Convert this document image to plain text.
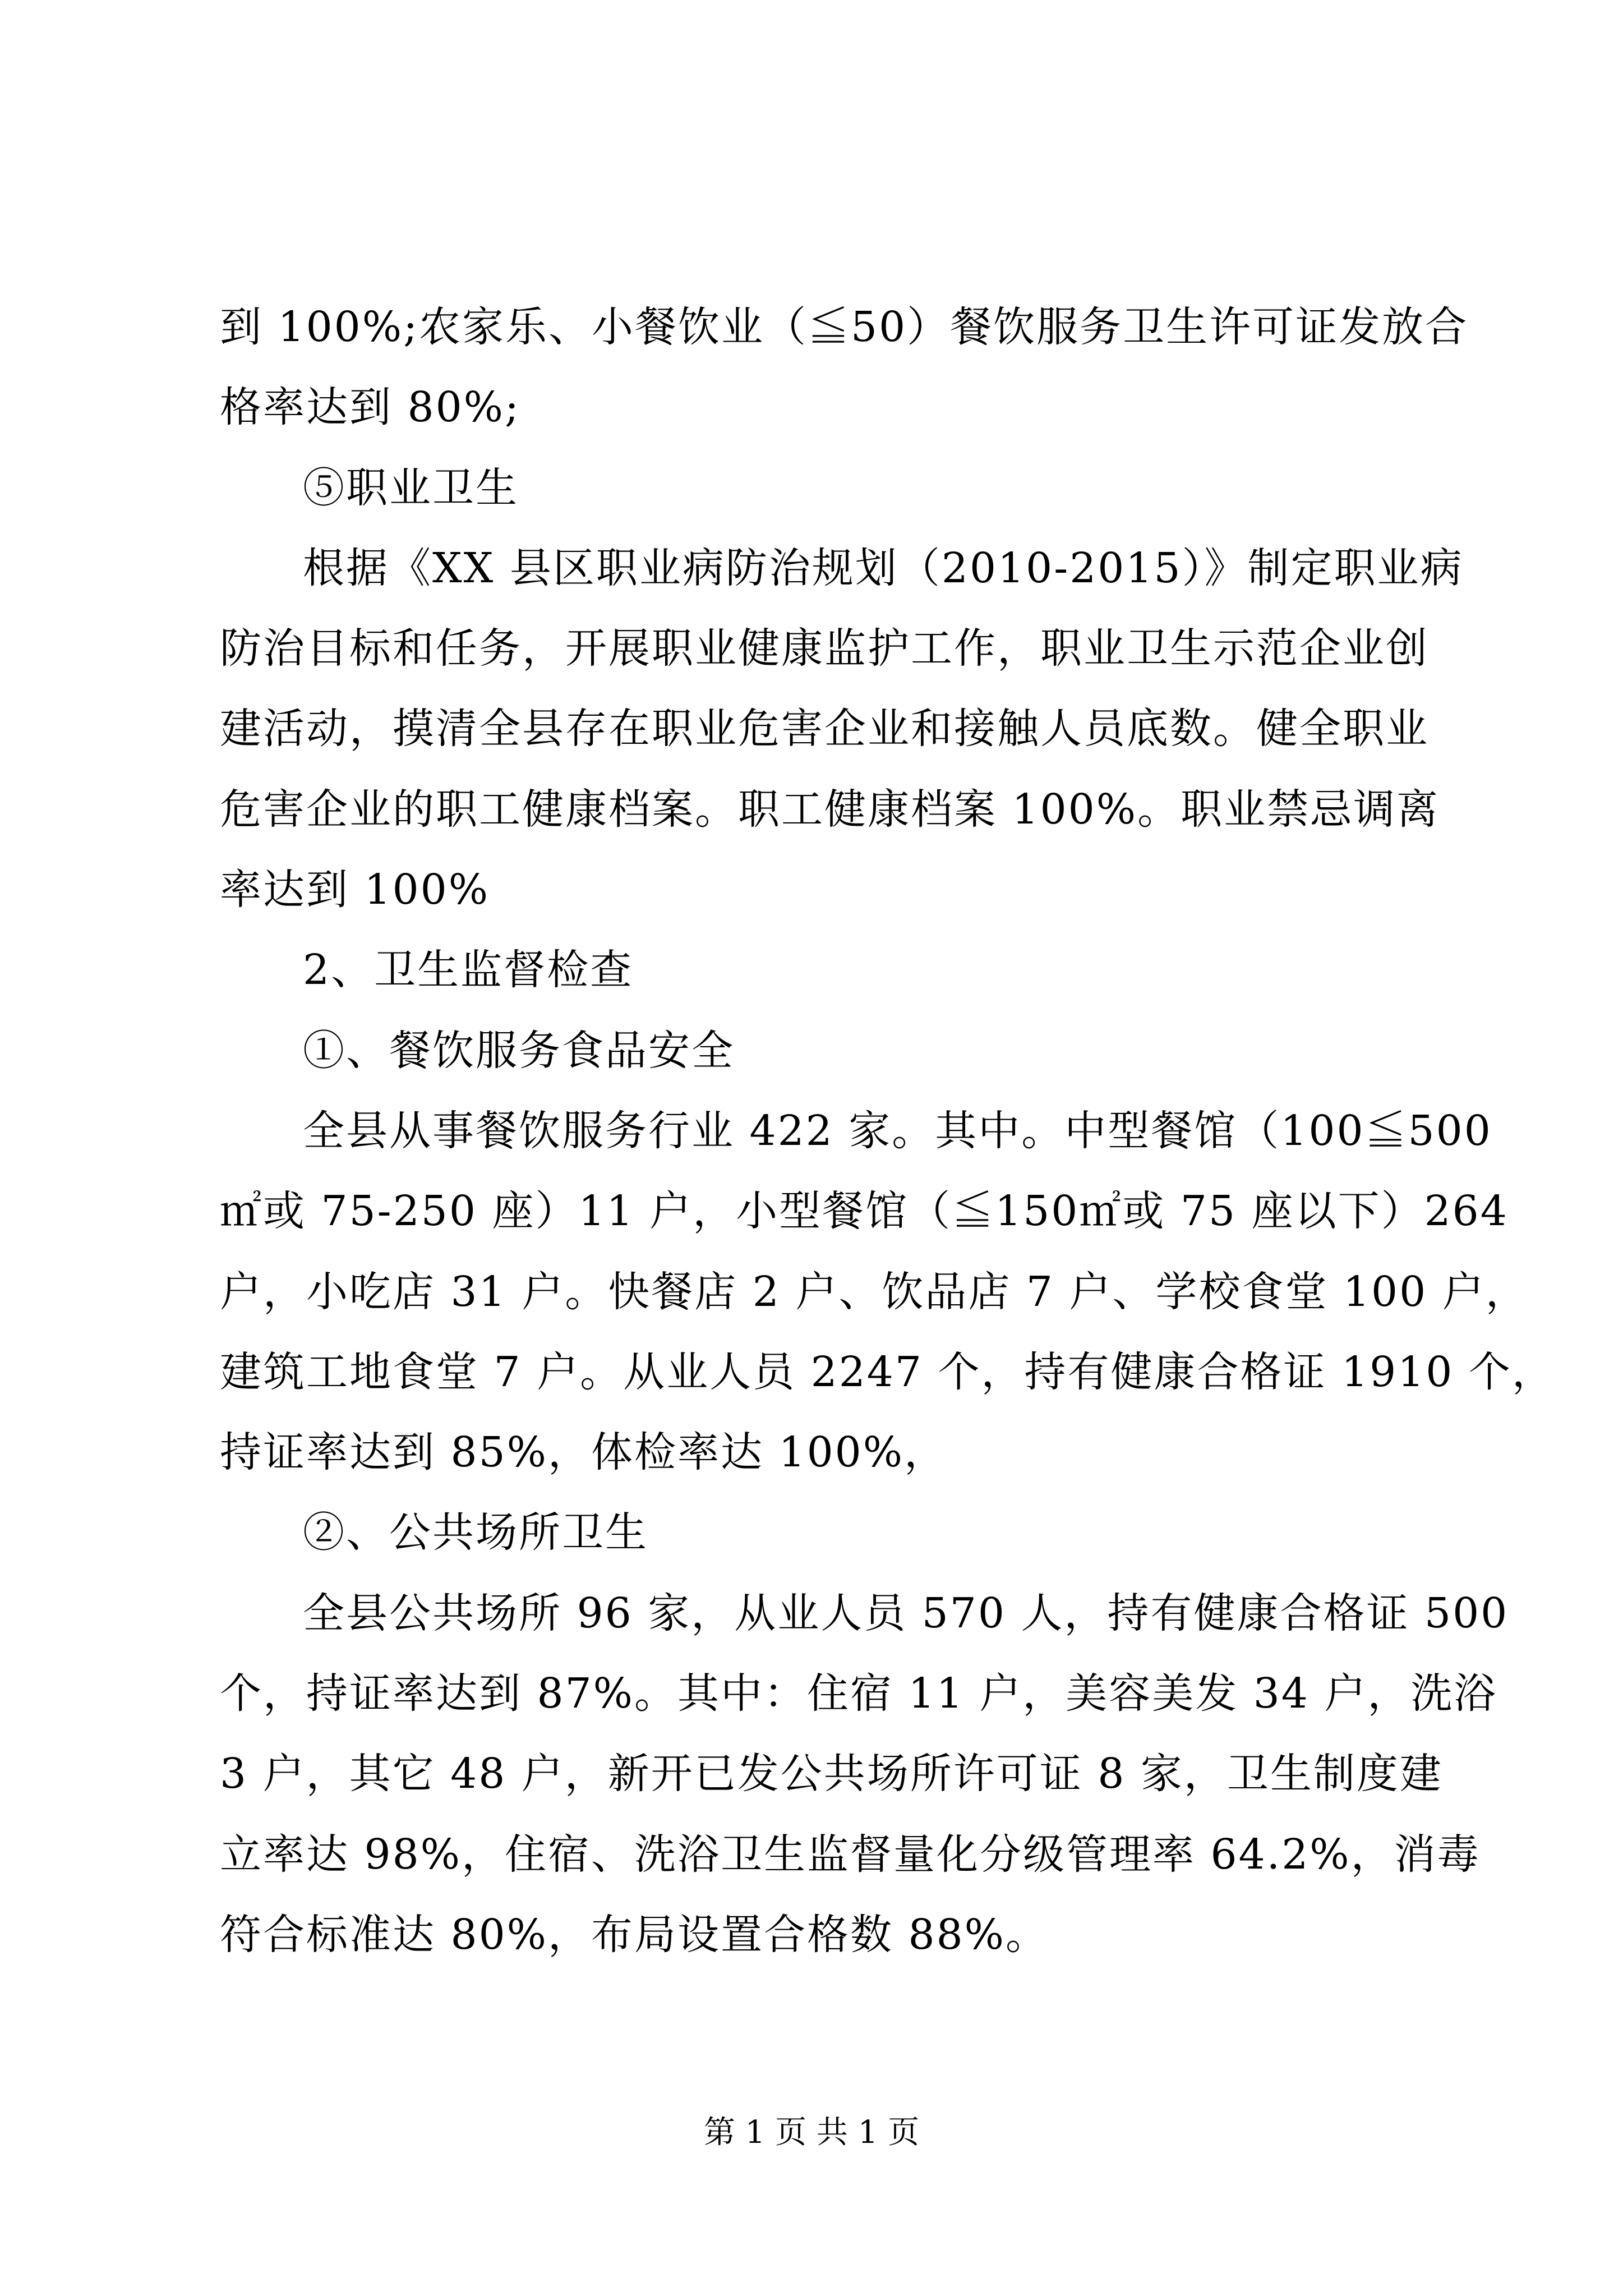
到 100%;农家乐、小餐饮业（≦50）餐饮服务卫生许可证发放合
格率达到 80%;
⑤职业卫生
根据《XX 县区职业病防治规划（2010-2015）》制定职业病
防治目标和任务，开展职业健康监护工作，职业卫生示范企业创
建活动，摸清全县存在职业危害企业和接触人员底数。健全职业
危害企业的职工健康档案。职工健康档案 100%。职业禁忌调离
率达到 100%
2、卫生监督检查
①、餐饮服务食品安全
全县从事餐饮服务行业 422 家。其中。中型餐馆（100≦500
㎡或 75-250 座）11 户，小型餐馆（≦150㎡或 75 座以下）264
户，小吃店 31 户。快餐店 2 户、饮品店 7 户、学校食堂 100 户，
建筑工地食堂 7 户。从业人员 2247 个，持有健康合格证 1910 个，
持证率达到 85%，体检率达 100%，
②、公共场所卫生
全县公共场所 96 家，从业人员 570 人，持有健康合格证 500
个，持证率达到 87%。其中：住宿 11 户，美容美发 34 户，洗浴
3 户，其它 48 户，新开已发公共场所许可证 8 家，卫生制度建
立率达 98%，住宿、洗浴卫生监督量化分级管理率 64.2%，消毒
符合标准达 80%，布局设置合格数 88%。
第 1 页 共 1 页
